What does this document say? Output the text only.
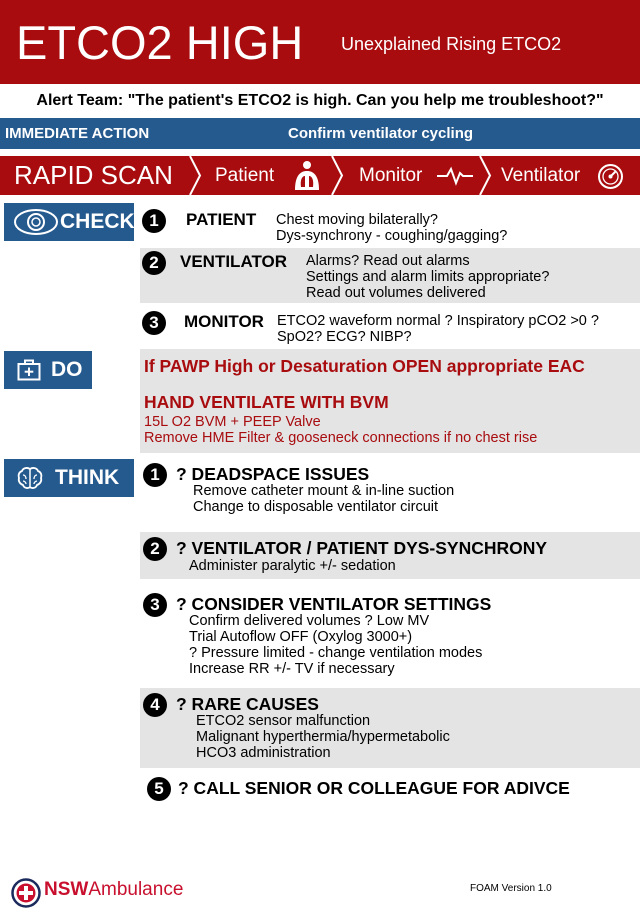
ETCO2 HIGH Unexplained Rising ETCO2
Alert Team: "The patient's ETCO2 is high. Can you help me troubleshoot?"
IMMEDIATE ACTION	Confirm ventilator cycling
RAPID SCAN Patient	Monitor	Ventilator
CHECK 1	PATIENT Chest moving bilaterally?
Dys-synchrony - coughing/gagging?
2	VENTILATOR Alarms? Read out alarms
Settings and alarm limits appropriate?
Read out volumes delivered
3	MONITOR ETCO2 waveform normal ? Inspiratory pCO2 >0 ?
SpO2? ECG? NIBP?
DO	If PAWP High or Desaturation OPEN appropriate EAC
HAND VENTILATE WITH BVM
15L O2 BVM + PEEP Valve
Remove HME Filter & gooseneck connections if no chest rise
THINK	1 ? DEADSPACE ISSUES
Remove catheter mount & in-line suction
Change to disposable ventilator circuit
2 ? VENTILATOR / PATIENT DYS-SYNCHRONY
Administer paralytic +/- sedation
3 ? CONSIDER VENTILATOR SETTINGS
Confirm delivered volumes ? Low MV
Trial Autoflow OFF (Oxylog 3000+)
? Pressure limited - change ventilation modes
Increase RR +/- TV if necessary
4 ? RARE CAUSES
ETCO2 sensor malfunction
Malignant hyperthermia/hypermetabolic
HCO3 administration
5 ? CALL SENIOR OR COLLEAGUE FOR ADIVCE
NSWAmbulance	FOAM Version 1.0
